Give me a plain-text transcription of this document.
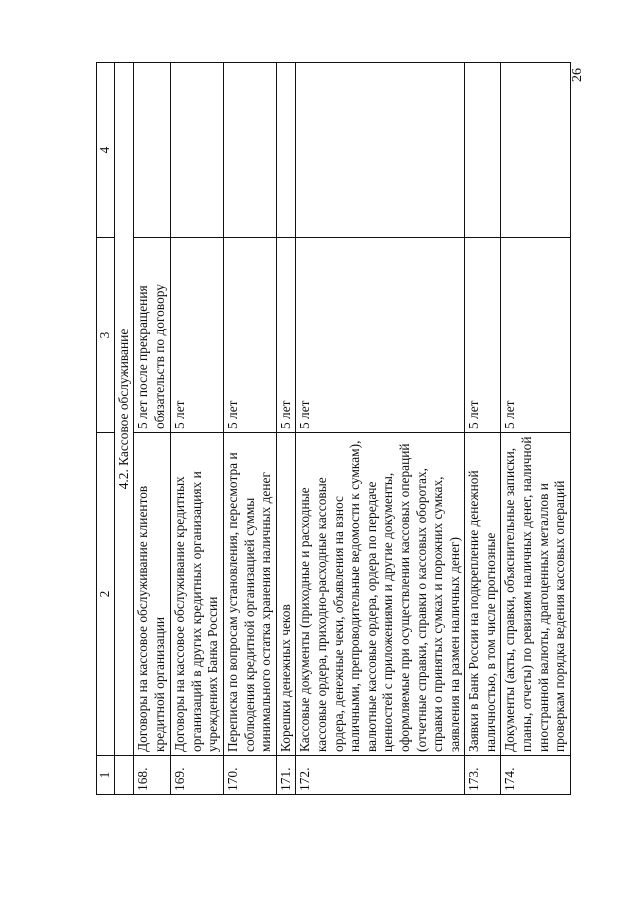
26
1	2	3	4
	4.2. Кассовое обслуживание		
168.	Договоры на кассовое обслуживание клиентов кредитной организации	5 лет после прекращения обязательств по договору	
169.	Договоры на кассовое обслуживание кредитных организаций в других кредитных организациях и учреждениях Банка России	5 лет	
170.	Переписка по вопросам установления, пересмотра и соблюдения кредитной организацией суммы минимального остатка хранения наличных денег	5 лет	
171.	Корешки денежных чеков	5 лет	
172.	Кассовые документы (приходные и расходные кассовые ордера, приходно-расходные кассовые ордера, денежные чеки, объявления на взнос наличными, препроводительные ведомости к сумкам), валютные кассовые ордера, ордера по передаче ценностей с приложениями и другие документы, оформляемые при осуществлении кассовых операций (отчетные справки, справки о кассовых оборотах, справки о принятых сумках и порожних сумках, заявления на размен наличных денег)	5 лет	
173.	Заявки в Банк России на подкрепление денежной наличностью, в том числе прогнозные	5 лет	
174.	Документы (акты, справки, объяснительные записки, планы, отчеты) по ревизиям наличных денег, наличной иностранной валюты, драгоценных металлов и проверкам порядка ведения кассовых операций	5 лет	
